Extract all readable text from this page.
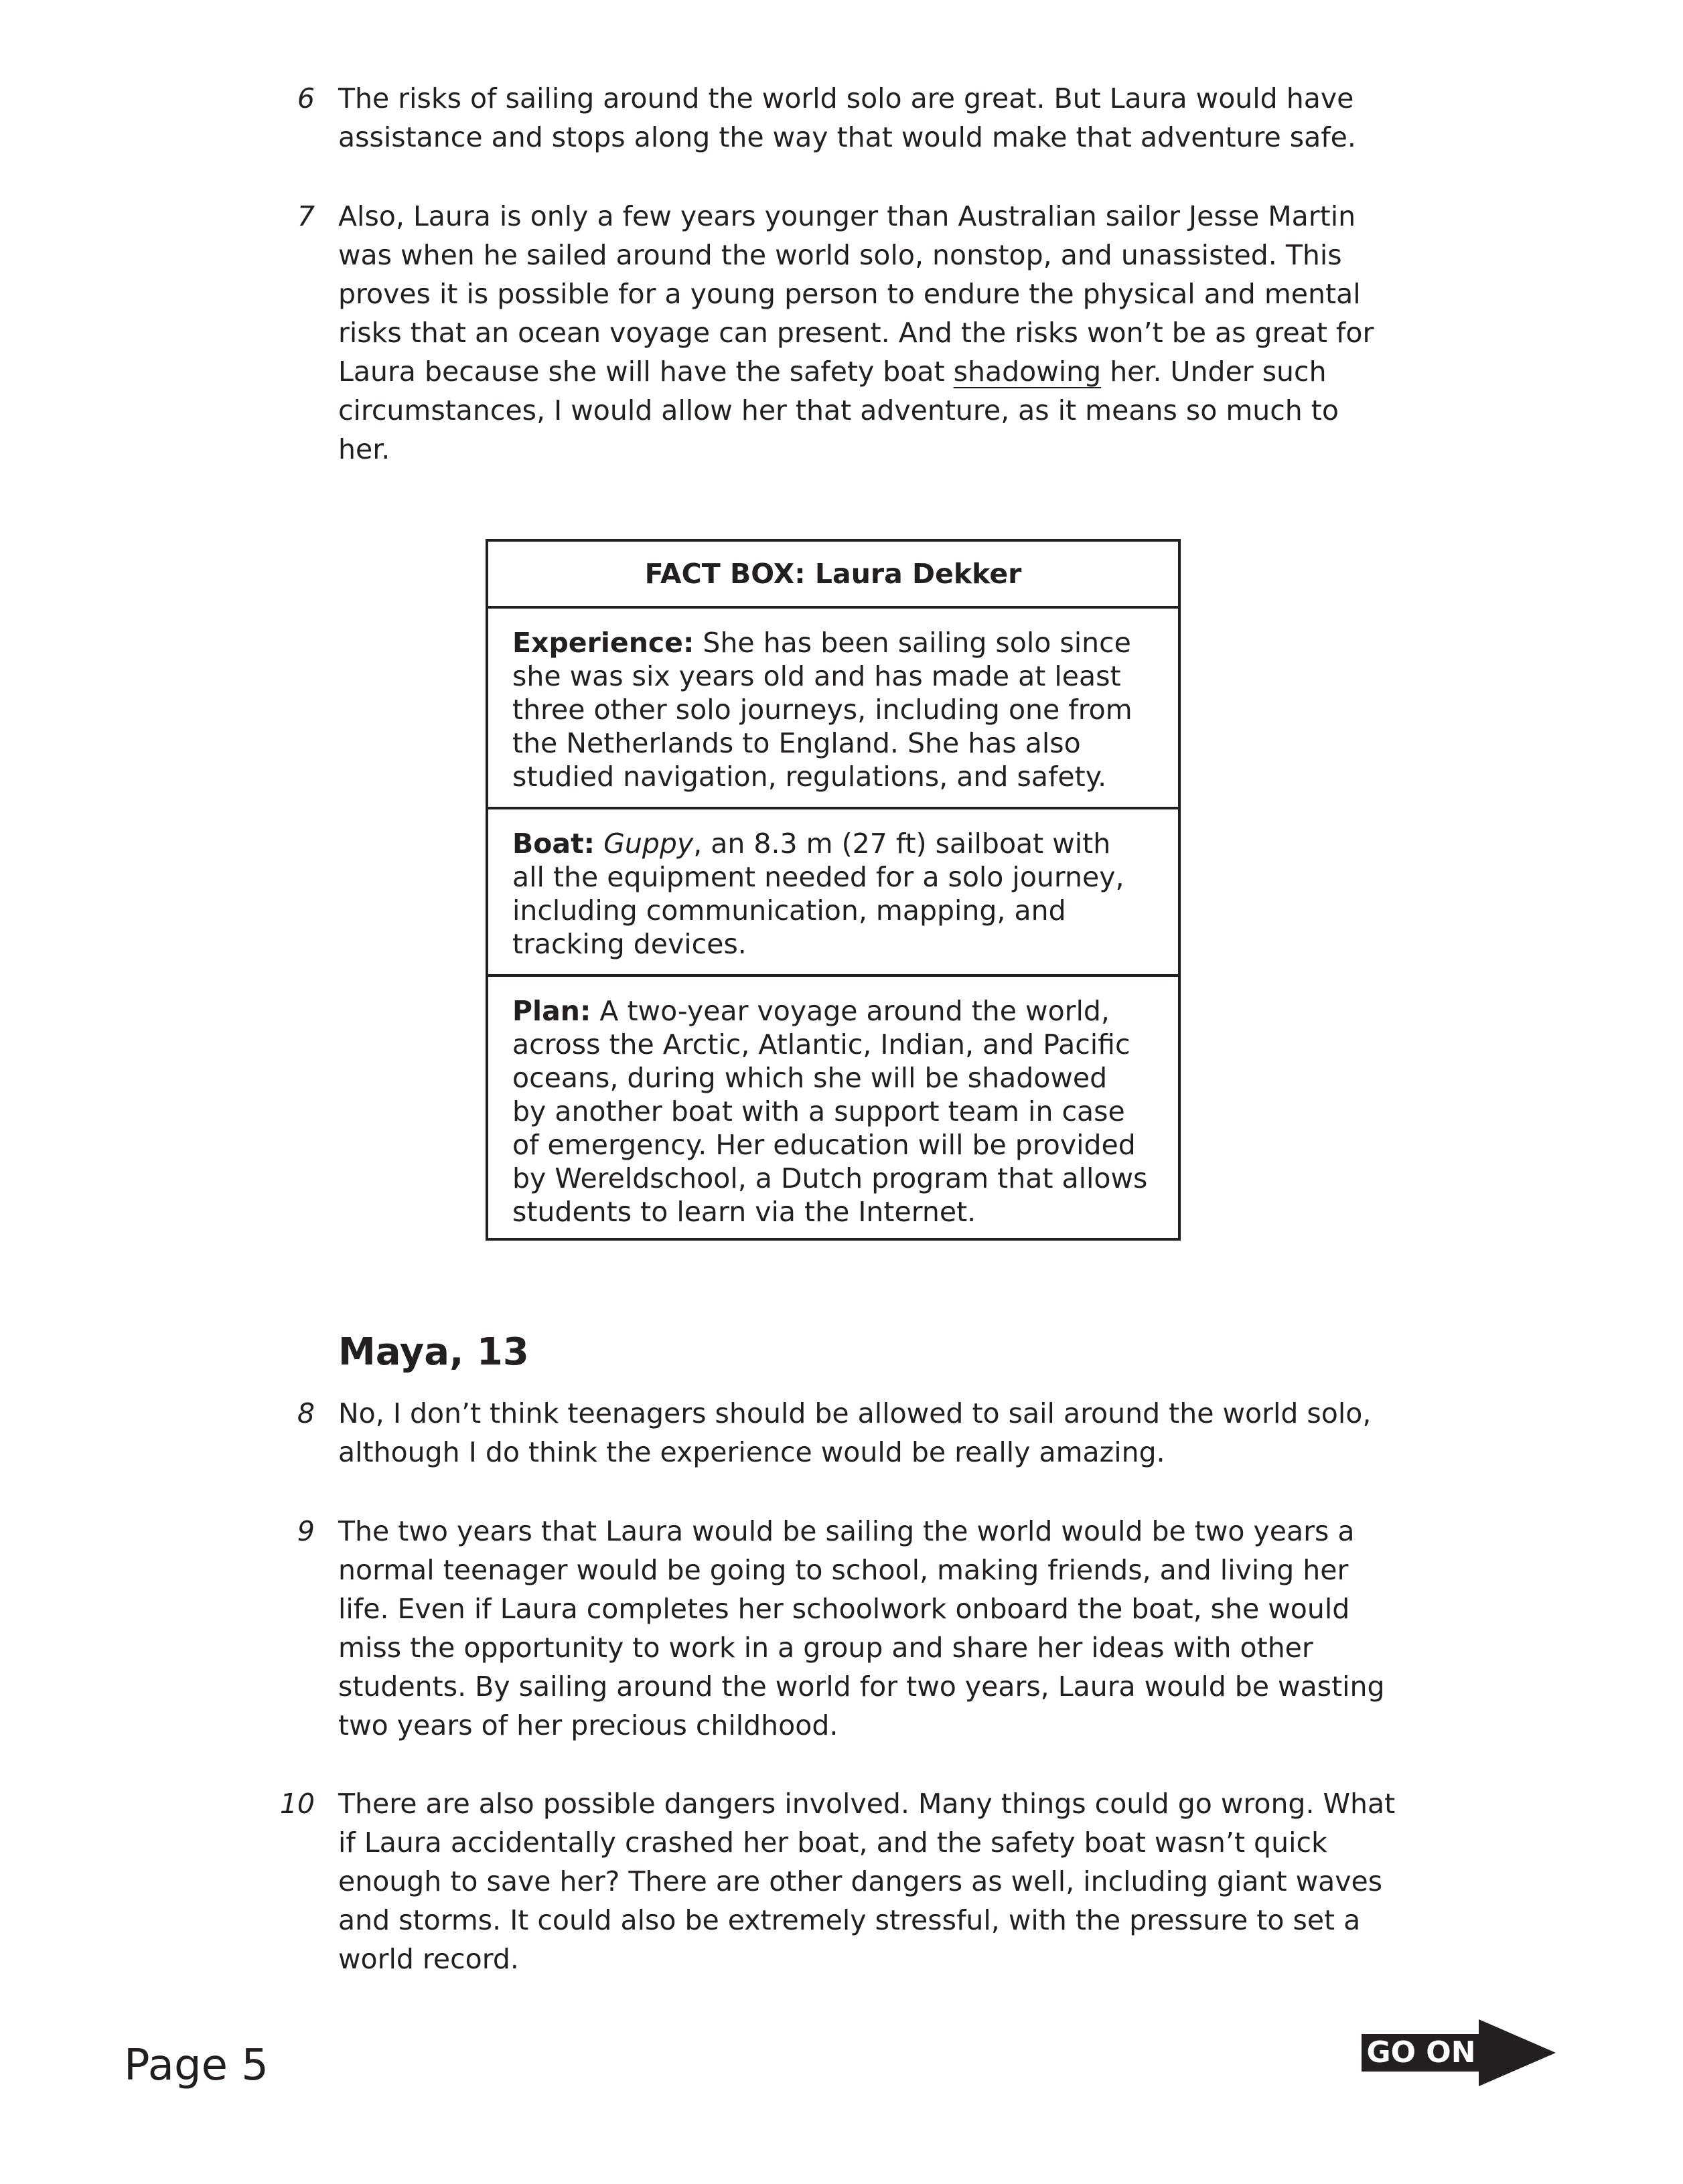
6 The risks of sailing around the world solo are great. But Laura would have
assistance and stops along the way that would make that adventure safe.
7 Also, Laura is only a few years younger than Australian sailor Jesse Martin
was when he sailed around the world solo, nonstop, and unassisted. This
proves it is possible for a young person to endure the physical and mental
risks that an ocean voyage can present. And the risks won’t be as great for
Laura because she will have the safety boat shadowing her. Under such
circumstances, I would allow her that adventure, as it means so much to
her.
FACT BOX: Laura Dekker
Experience: She has been sailing solo since
she was six years old and has made at least
three other solo journeys, including one from
the Netherlands to England. She has also
studied navigation, regulations, and safety.
Boat: Guppy, an 8.3 m (27 ft) sailboat with
all the equipment needed for a solo journey,
including communication, mapping, and
tracking devices.
Plan: A two-year voyage around the world,
across the Arctic, Atlantic, Indian, and Pacific
oceans, during which she will be shadowed
by another boat with a support team in case
of emergency. Her education will be provided
by Wereldschool, a Dutch program that allows
students to learn via the Internet.
Maya, 13
8 No, I don’t think teenagers should be allowed to sail around the world solo,
although I do think the experience would be really amazing.
9 The two years that Laura would be sailing the world would be two years a
normal teenager would be going to school, making friends, and living her
life. Even if Laura completes her schoolwork onboard the boat, she would
miss the opportunity to work in a group and share her ideas with other
students. By sailing around the world for two years, Laura would be wasting
two years of her precious childhood.
10 There are also possible dangers involved. Many things could go wrong. What
if Laura accidentally crashed her boat, and the safety boat wasn’t quick
enough to save her? There are other dangers as well, including giant waves
and storms. It could also be extremely stressful, with the pressure to set a
world record.
Page 5	GO ON
